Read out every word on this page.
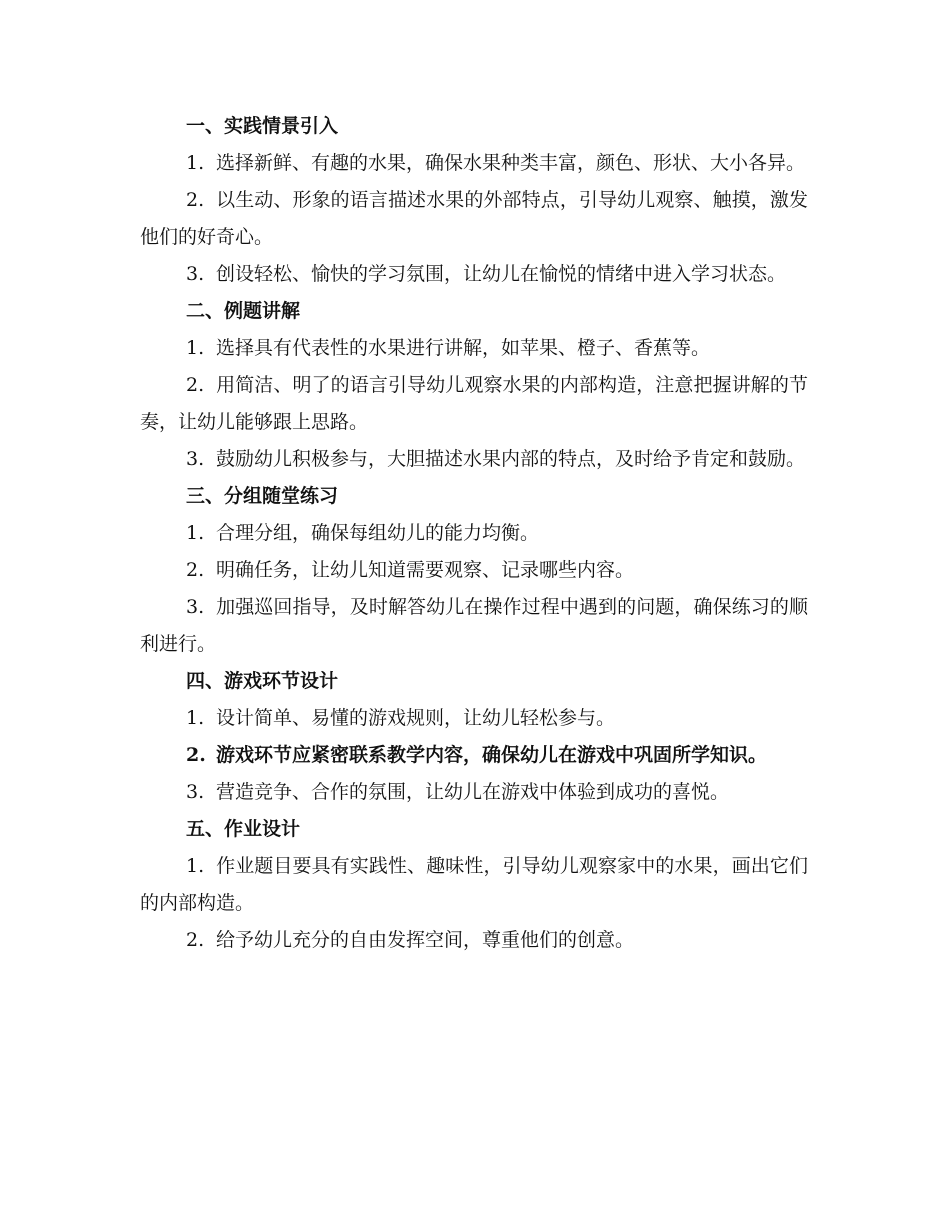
一、实践情景引入

1. 选择新鲜、有趣的水果，确保水果种类丰富，颜色、形状、大小各异。

2. 以生动、形象的语言描述水果的外部特点，引导幼儿观察、触摸，激发他们的好奇心。

3. 创设轻松、愉快的学习氛围，让幼儿在愉悦的情绪中进入学习状态。

二、例题讲解

1. 选择具有代表性的水果进行讲解，如苹果、橙子、香蕉等。

2. 用简洁、明了的语言引导幼儿观察水果的内部构造，注意把握讲解的节奏，让幼儿能够跟上思路。

3. 鼓励幼儿积极参与，大胆描述水果内部的特点，及时给予肯定和鼓励。

三、分组随堂练习

1. 合理分组，确保每组幼儿的能力均衡。

2. 明确任务，让幼儿知道需要观察、记录哪些内容。

3. 加强巡回指导，及时解答幼儿在操作过程中遇到的问题，确保练习的顺利进行。

四、游戏环节设计

1. 设计简单、易懂的游戏规则，让幼儿轻松参与。

2. 游戏环节应紧密联系教学内容，确保幼儿在游戏中巩固所学知识。

3. 营造竞争、合作的氛围，让幼儿在游戏中体验到成功的喜悦。

五、作业设计

1. 作业题目要具有实践性、趣味性，引导幼儿观察家中的水果，画出它们的内部构造。

2. 给予幼儿充分的自由发挥空间，尊重他们的创意。
